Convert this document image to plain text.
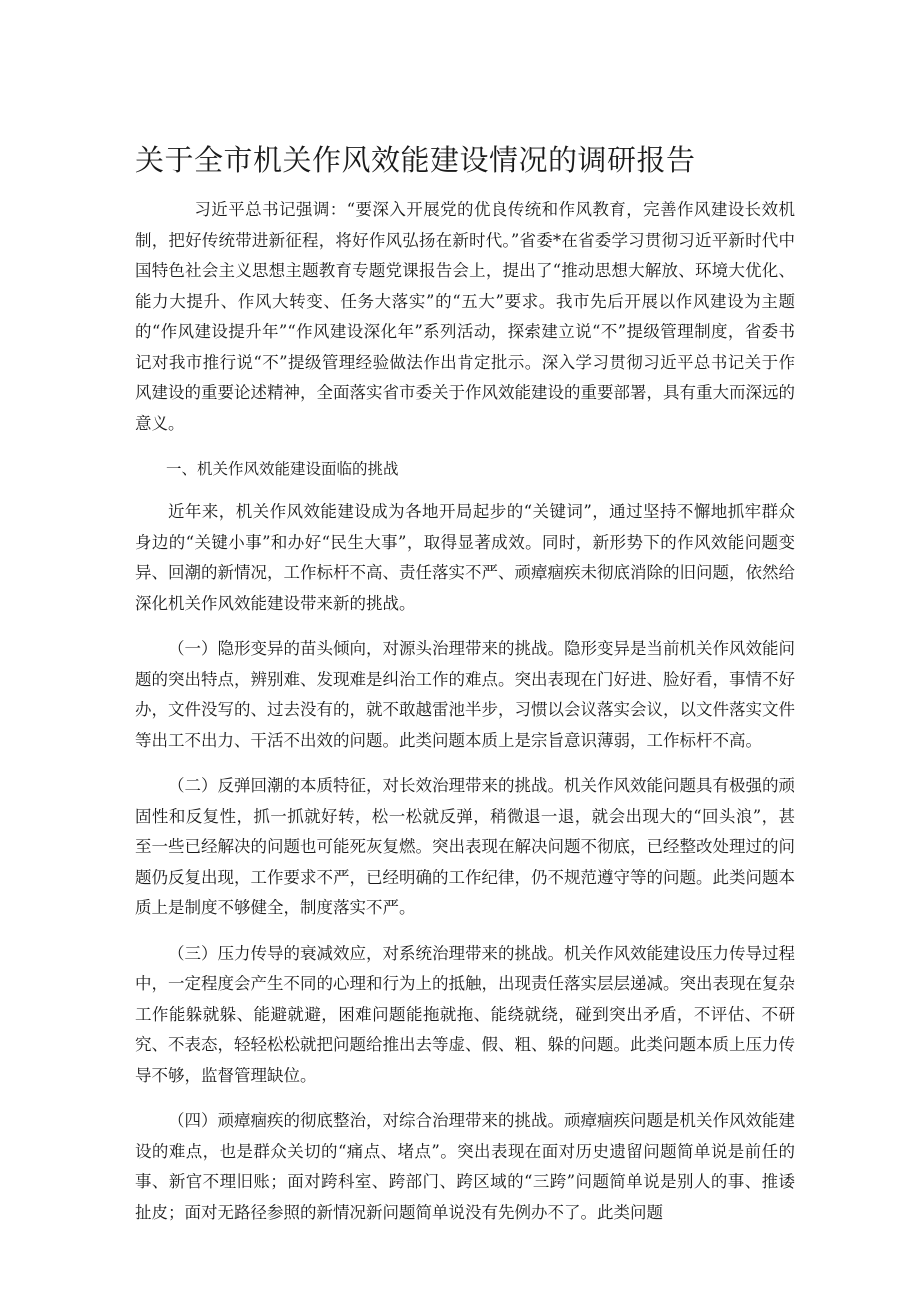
关于全市机关作风效能建设情况的调研报告

习近平总书记强调：“要深入开展党的优良传统和作风教育，完善作风建设长效机制，把好传统带进新征程，将好作风弘扬在新时代。”省委*在省委学习贯彻习近平新时代中国特色社会主义思想主题教育专题党课报告会上，提出了“推动思想大解放、环境大优化、能力大提升、作风大转变、任务大落实”的“五大”要求。我市先后开展以作风建设为主题的“作风建设提升年”“作风建设深化年”系列活动，探索建立说“不”提级管理制度，省委书记对我市推行说“不”提级管理经验做法作出肯定批示。深入学习贯彻习近平总书记关于作风建设的重要论述精神，全面落实省市委关于作风效能建设的重要部署，具有重大而深远的意义。

一、机关作风效能建设面临的挑战

近年来，机关作风效能建设成为各地开局起步的“关键词”，通过坚持不懈地抓牢群众身边的“关键小事”和办好“民生大事”，取得显著成效。同时，新形势下的作风效能问题变异、回潮的新情况，工作标杆不高、责任落实不严、顽瘴痼疾未彻底消除的旧问题，依然给深化机关作风效能建设带来新的挑战。

（一）隐形变异的苗头倾向，对源头治理带来的挑战。隐形变异是当前机关作风效能问题的突出特点，辨别难、发现难是纠治工作的难点。突出表现在门好进、脸好看，事情不好办，文件没写的、过去没有的，就不敢越雷池半步，习惯以会议落实会议，以文件落实文件等出工不出力、干活不出效的问题。此类问题本质上是宗旨意识薄弱，工作标杆不高。

（二）反弹回潮的本质特征，对长效治理带来的挑战。机关作风效能问题具有极强的顽固性和反复性，抓一抓就好转，松一松就反弹，稍微退一退，就会出现大的“回头浪”，甚至一些已经解决的问题也可能死灰复燃。突出表现在解决问题不彻底，已经整改处理过的问题仍反复出现，工作要求不严，已经明确的工作纪律，仍不规范遵守等的问题。此类问题本质上是制度不够健全，制度落实不严。

（三）压力传导的衰减效应，对系统治理带来的挑战。机关作风效能建设压力传导过程中，一定程度会产生不同的心理和行为上的抵触，出现责任落实层层递减。突出表现在复杂工作能躲就躲、能避就避，困难问题能拖就拖、能绕就绕，碰到突出矛盾，不评估、不研究、不表态，轻轻松松就把问题给推出去等虚、假、粗、躲的问题。此类问题本质上压力传导不够，监督管理缺位。

（四）顽瘴痼疾的彻底整治，对综合治理带来的挑战。顽瘴痼疾问题是机关作风效能建设的难点，也是群众关切的“痛点、堵点”。突出表现在面对历史遗留问题简单说是前任的事、新官不理旧账；面对跨科室、跨部门、跨区域的“三跨”问题简单说是别人的事、推诿扯皮；面对无路径参照的新情况新问题简单说没有先例办不了。此类问题
